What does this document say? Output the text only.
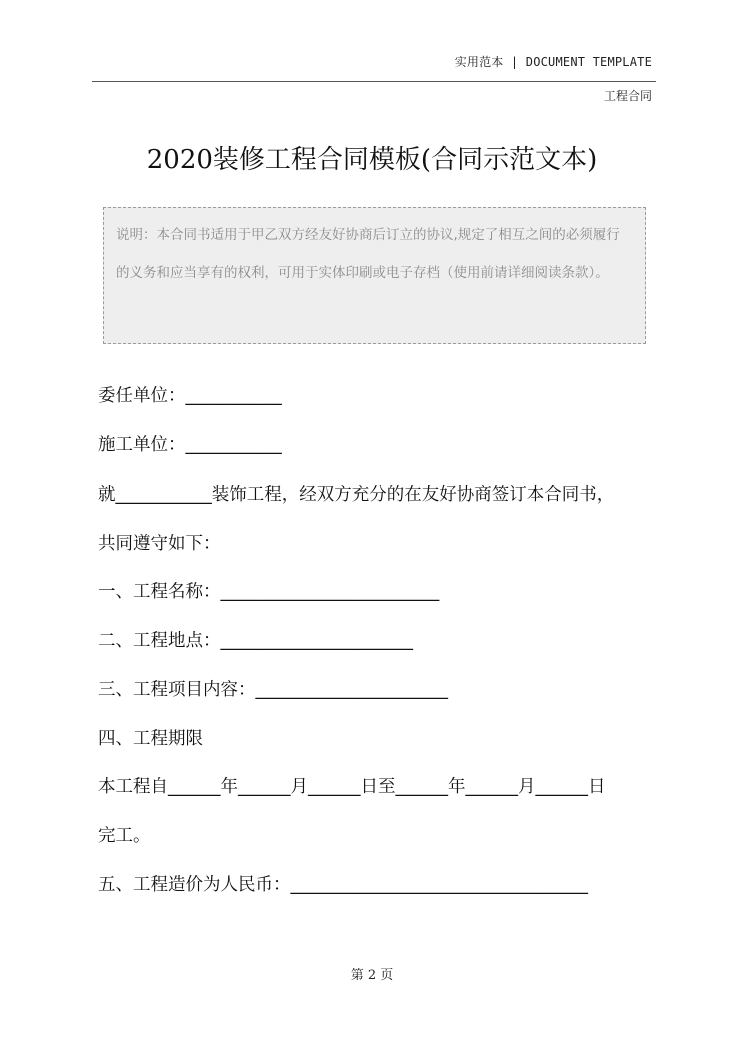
实用范本 | DOCUMENT TEMPLATE
工程合同
2020装修工程合同模板(合同示范文本)
说明：本合同书适用于甲乙双方经友好协商后订立的协议,规定了相互之间的必须履行的义务和应当享有的权利，可用于实体印刷或电子存档（使用前请详细阅读条款）。
委任单位：___________
施工单位：___________
就___________装饰工程，经双方充分的在友好协商签订本合同书，
共同遵守如下：
一、工程名称：_________________________
二、工程地点：______________________
三、工程项目内容：______________________
四、工程期限
本工程自______年______月______日至______年______月______日
完工。
五、工程造价为人民币：__________________________________
第 2 页
